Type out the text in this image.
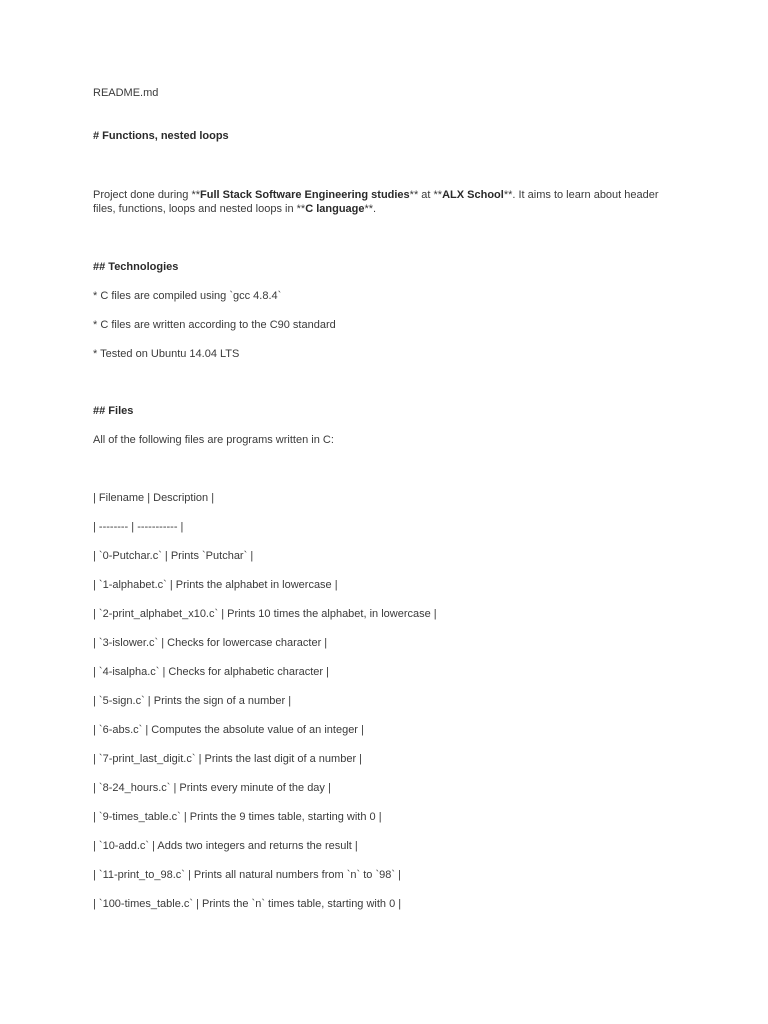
README.md
# Functions, nested loops
Project done during **Full Stack Software Engineering studies** at **ALX School**. It aims to learn about header files, functions, loops and nested loops in **C language**.
## Technologies
* C files are compiled using `gcc 4.8.4`
* C files are written according to the C90 standard
* Tested on Ubuntu 14.04 LTS
## Files
All of the following files are programs written in C:
| Filename | Description |
| -------- | ----------- |
| `0-Putchar.c` | Prints `Putchar` |
| `1-alphabet.c` | Prints the alphabet in lowercase |
| `2-print_alphabet_x10.c` | Prints 10 times the alphabet, in lowercase |
| `3-islower.c` | Checks for lowercase character |
| `4-isalpha.c` | Checks for alphabetic character |
| `5-sign.c` | Prints the sign of a number |
| `6-abs.c` | Computes the absolute value of an integer |
| `7-print_last_digit.c` | Prints the last digit of a number |
| `8-24_hours.c` | Prints every minute of the day |
| `9-times_table.c` | Prints the 9 times table, starting with 0 |
| `10-add.c` | Adds two integers and returns the result |
| `11-print_to_98.c` | Prints all natural numbers from `n` to `98` |
| `100-times_table.c` | Prints the `n` times table, starting with 0 |
